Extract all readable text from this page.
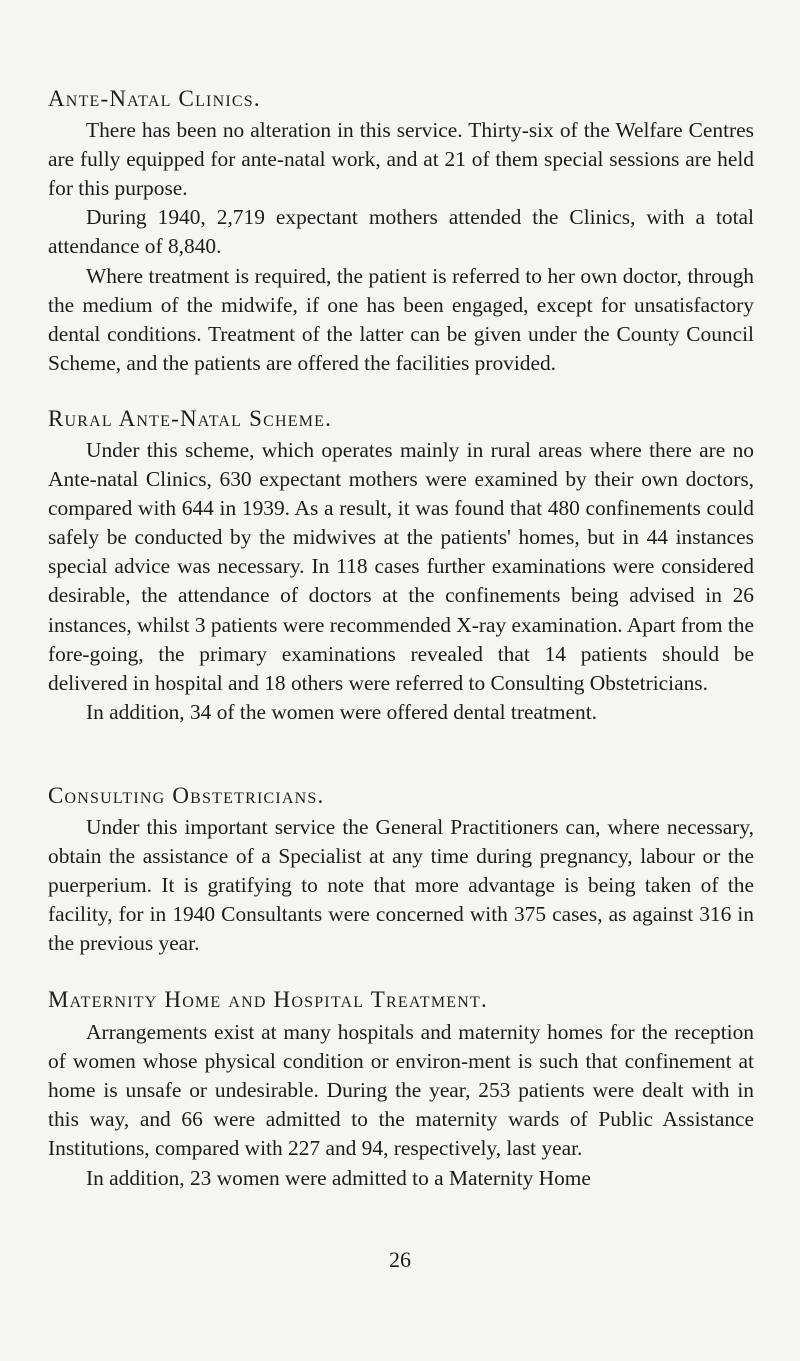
Ante-Natal Clinics.

There has been no alteration in this service. Thirty-six of the Welfare Centres are fully equipped for ante-natal work, and at 21 of them special sessions are held for this purpose.

During 1940, 2,719 expectant mothers attended the Clinics, with a total attendance of 8,840.

Where treatment is required, the patient is referred to her own doctor, through the medium of the midwife, if one has been engaged, except for unsatisfactory dental conditions. Treatment of the latter can be given under the County Council Scheme, and the patients are offered the facilities provided.

Rural Ante-Natal Scheme.

Under this scheme, which operates mainly in rural areas where there are no Ante-natal Clinics, 630 expectant mothers were examined by their own doctors, compared with 644 in 1939. As a result, it was found that 480 confinements could safely be conducted by the midwives at the patients' homes, but in 44 instances special advice was necessary. In 118 cases further examinations were considered desirable, the attendance of doctors at the confinements being advised in 26 instances, whilst 3 patients were recommended X-ray examination. Apart from the fore-going, the primary examinations revealed that 14 patients should be delivered in hospital and 18 others were referred to Consulting Obstetricians.

In addition, 34 of the women were offered dental treatment.

Consulting Obstetricians.

Under this important service the General Practitioners can, where necessary, obtain the assistance of a Specialist at any time during pregnancy, labour or the puerperium. It is gratifying to note that more advantage is being taken of the facility, for in 1940 Consultants were concerned with 375 cases, as against 316 in the previous year.

Maternity Home and Hospital Treatment.

Arrangements exist at many hospitals and maternity homes for the reception of women whose physical condition or environ-ment is such that confinement at home is unsafe or undesirable. During the year, 253 patients were dealt with in this way, and 66 were admitted to the maternity wards of Public Assistance Institutions, compared with 227 and 94, respectively, last year.

In addition, 23 women were admitted to a Maternity Home

26
